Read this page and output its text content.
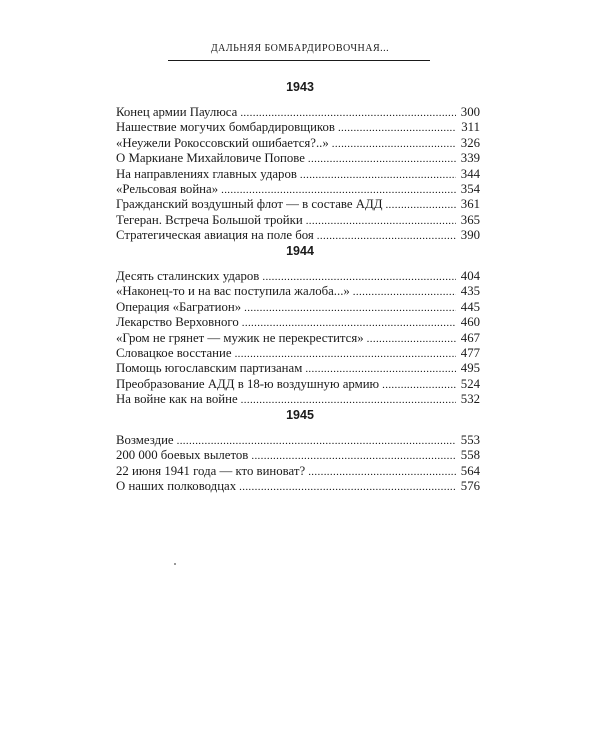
ДАЛЬНЯЯ БОМБАРДИРОВОЧНАЯ...
1943
Конец армии Паулюса . . .	300
Нашествие могучих бомбардировщиков . . .	311
«Неужели Рокоссовский ошибается?..» . . .	326
О Маркиане Михайловиче Попове . . .	339
На направлениях главных ударов . . .	344
«Рельсовая война» . . .	354
Гражданский воздушный флот — в составе АДД . . .	361
Тегеран. Встреча Большой тройки . . .	365
Стратегическая авиация на поле боя . . .	390
1944
Десять сталинских ударов . . .	404
«Наконец-то и на вас поступила жалоба...» . . .	435
Операция «Багратион» . . .	445
Лекарство Верховного . . .	460
«Гром не грянет — мужик не перекрестится» . . .	467
Словацкое восстание . . .	477
Помощь югославским партизанам . . .	495
Преобразование АДД в 18-ю воздушную армию . . .	524
На войне как на войне . . .	532
1945
Возмездие . . .	553
200 000 боевых вылетов . . .	558
22 июня 1941 года — кто виноват? . . .	564
О наших полководцах . . .	576
